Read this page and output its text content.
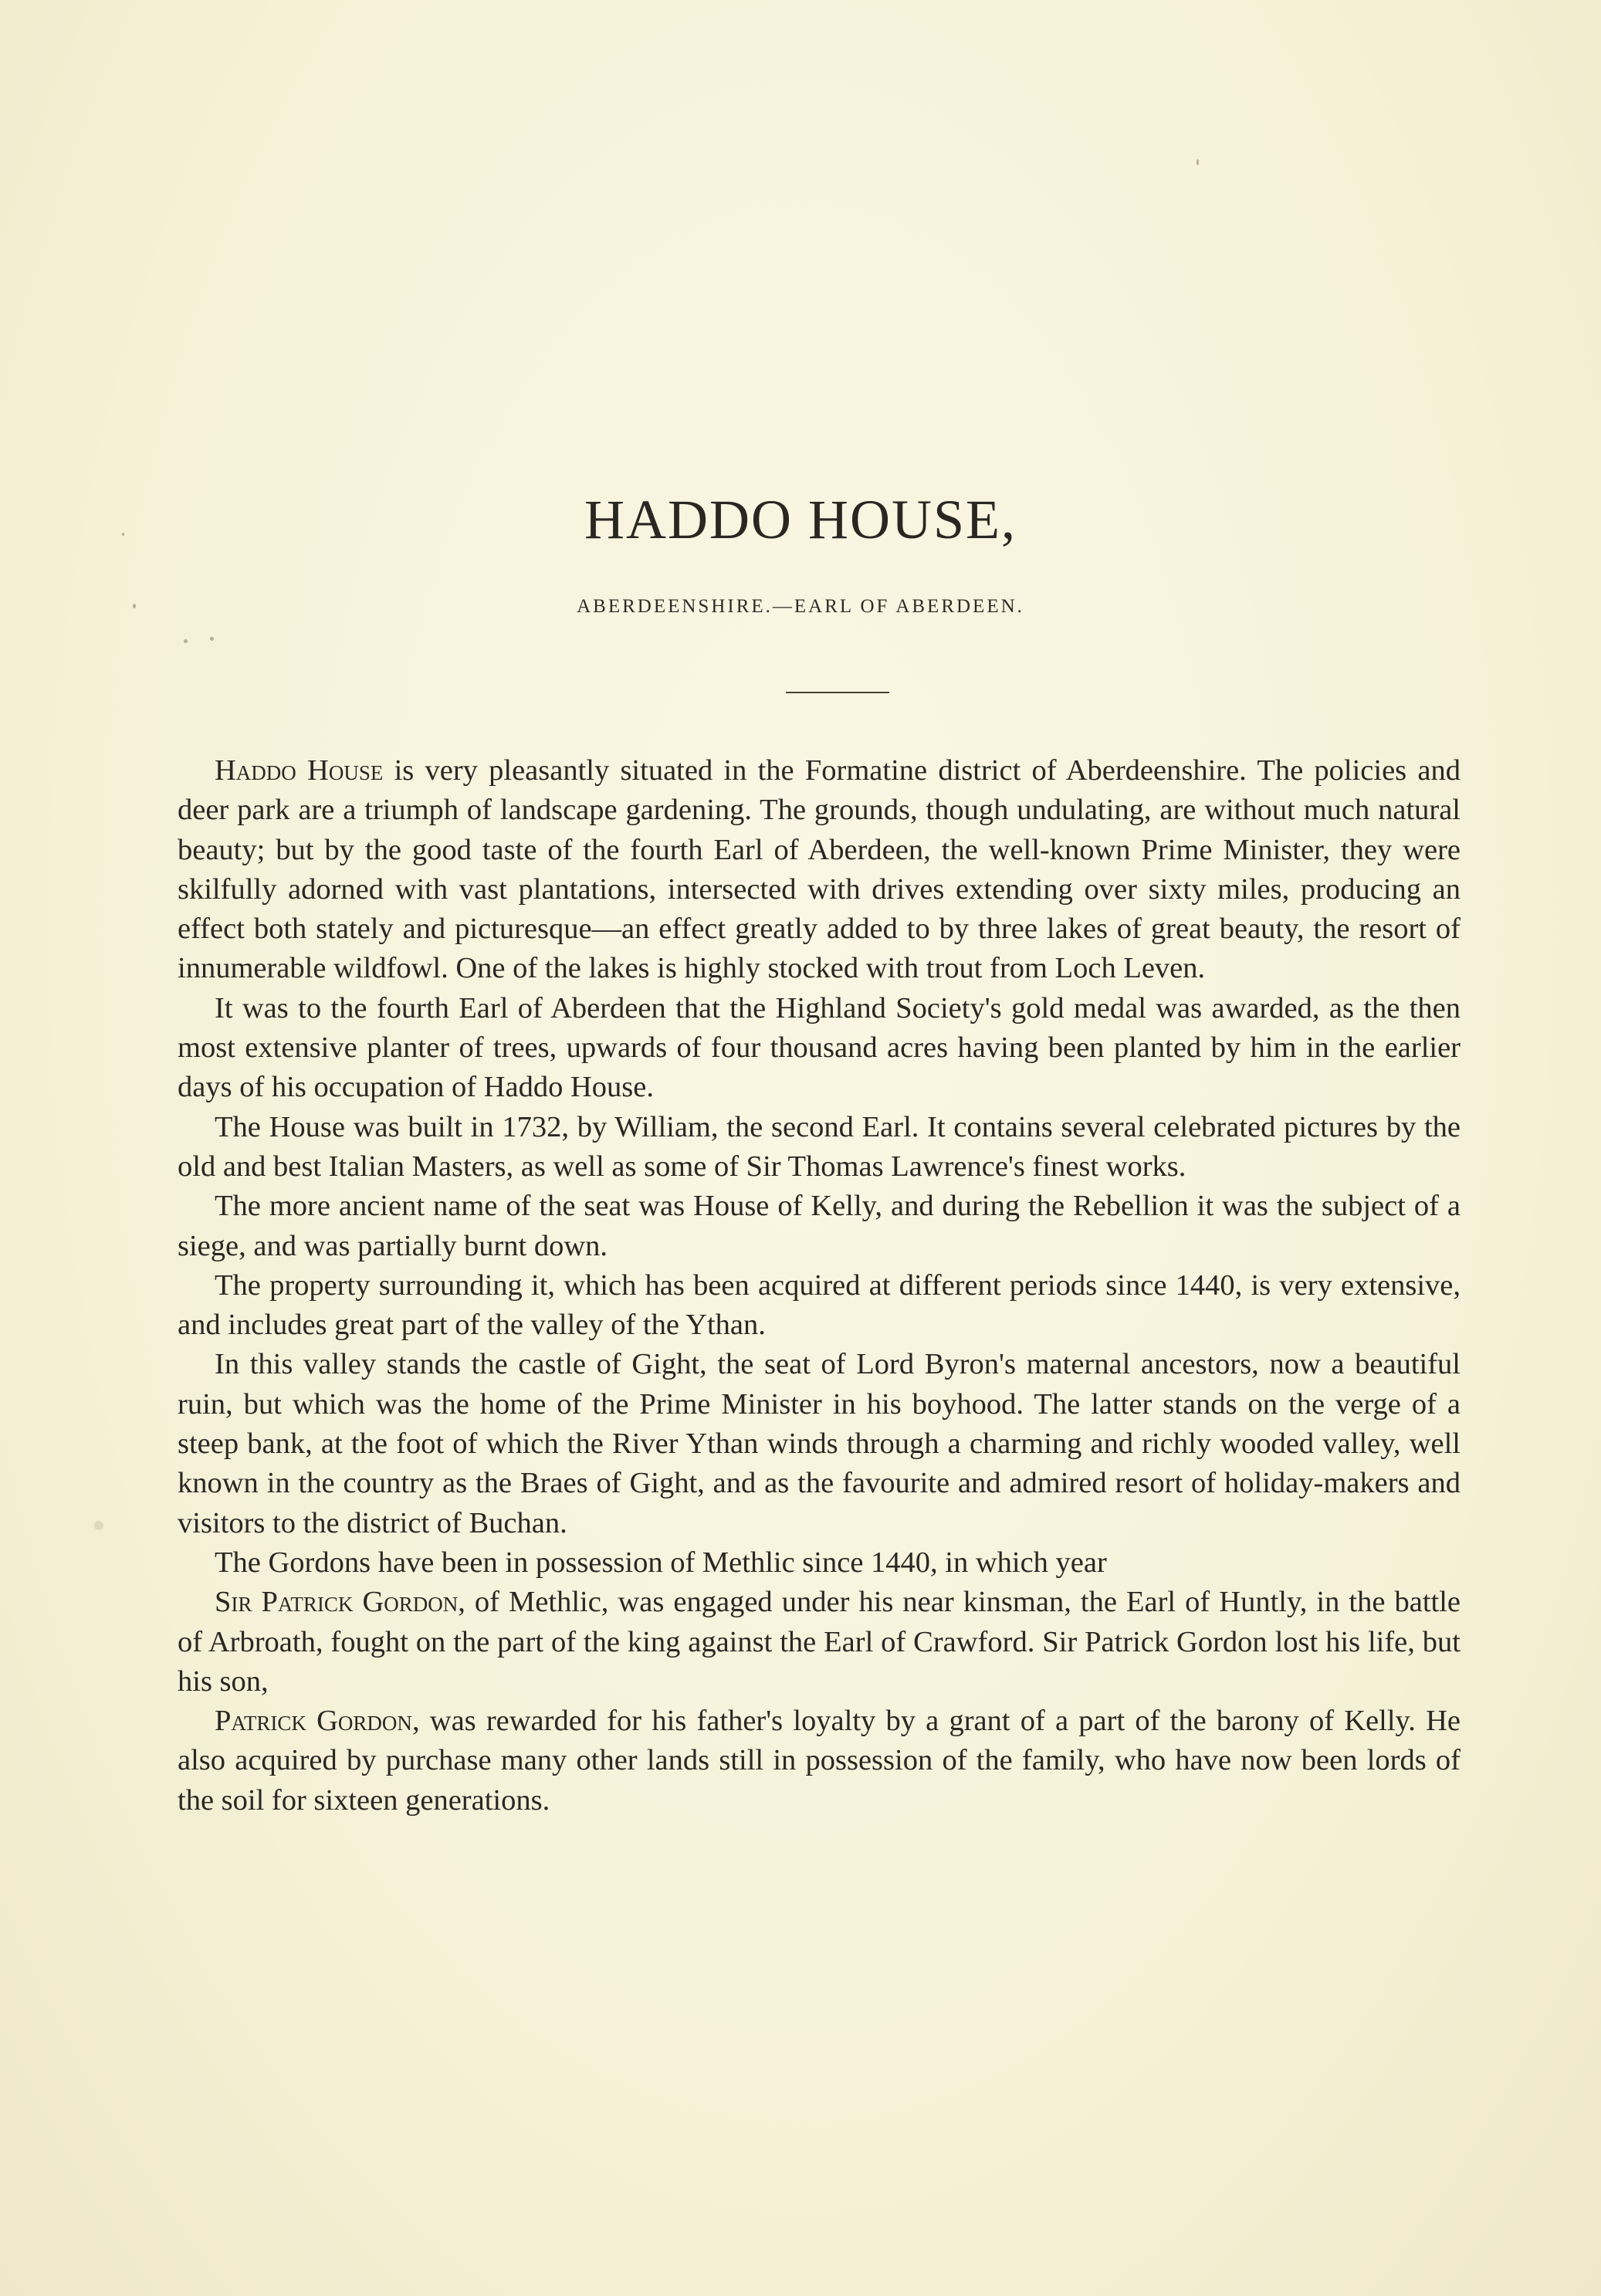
HADDO HOUSE,
ABERDEENSHIRE.—EARL OF ABERDEEN.

Haddo House is very pleasantly situated in the Formatine district of Aberdeenshire. The policies and deer park are a triumph of landscape gardening. The grounds, though undulating, are without much natural beauty; but by the good taste of the fourth Earl of Aberdeen, the well-known Prime Minister, they were skilfully adorned with vast plantations, intersected with drives extending over sixty miles, producing an effect both stately and picturesque—an effect greatly added to by three lakes of great beauty, the resort of innumerable wildfowl. One of the lakes is highly stocked with trout from Loch Leven.

It was to the fourth Earl of Aberdeen that the Highland Society's gold medal was awarded, as the then most extensive planter of trees, upwards of four thousand acres having been planted by him in the earlier days of his occupation of Haddo House.

The House was built in 1732, by William, the second Earl. It contains several celebrated pictures by the old and best Italian Masters, as well as some of Sir Thomas Lawrence's finest works.

The more ancient name of the seat was House of Kelly, and during the Rebellion it was the subject of a siege, and was partially burnt down.

The property surrounding it, which has been acquired at different periods since 1440, is very extensive, and includes great part of the valley of the Ythan.

In this valley stands the castle of Gight, the seat of Lord Byron's maternal ancestors, now a beautiful ruin, but which was the home of the Prime Minister in his boyhood. The latter stands on the verge of a steep bank, at the foot of which the River Ythan winds through a charming and richly wooded valley, well known in the country as the Braes of Gight, and as the favourite and admired resort of holiday-makers and visitors to the district of Buchan.

The Gordons have been in possession of Methlic since 1440, in which year

Sir Patrick Gordon, of Methlic, was engaged under his near kinsman, the Earl of Huntly, in the battle of Arbroath, fought on the part of the king against the Earl of Crawford. Sir Patrick Gordon lost his life, but his son,

Patrick Gordon, was rewarded for his father's loyalty by a grant of a part of the barony of Kelly. He also acquired by purchase many other lands still in possession of the family, who have now been lords of the soil for sixteen generations.
